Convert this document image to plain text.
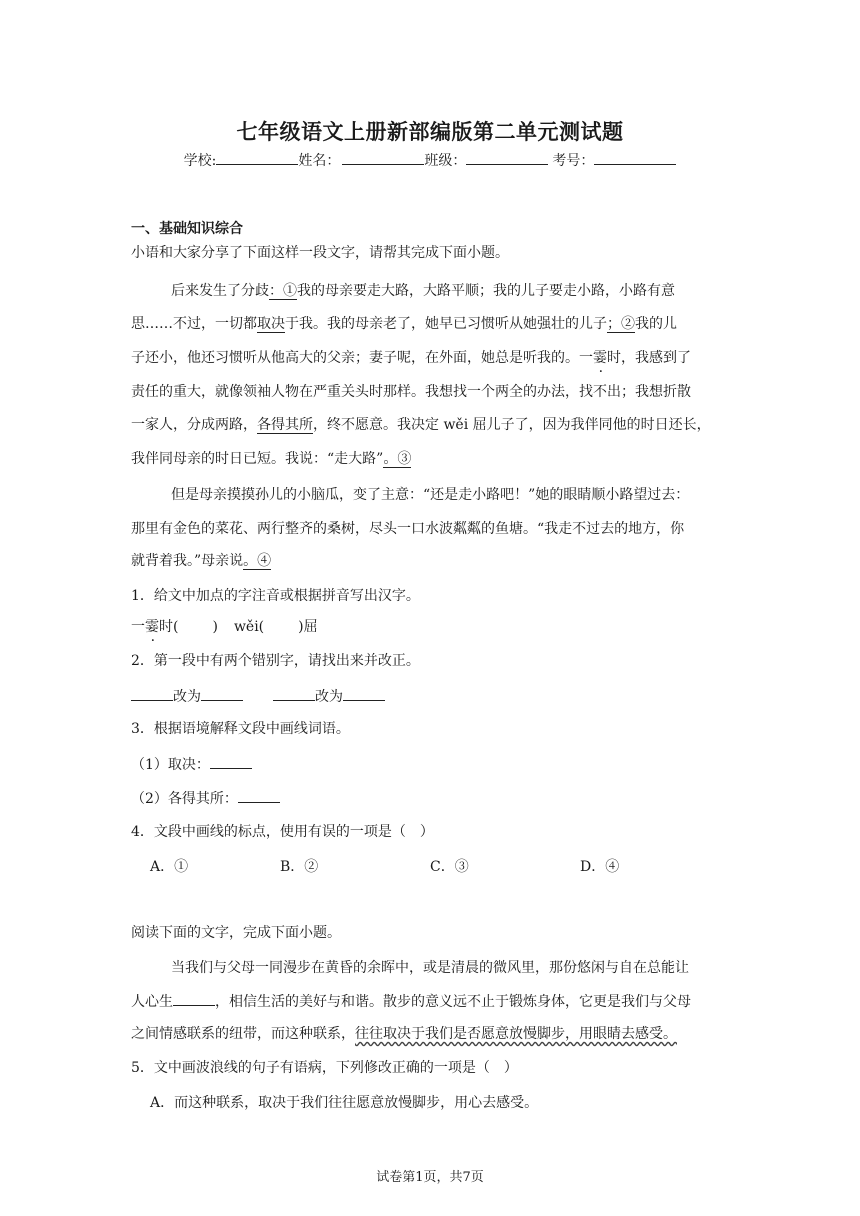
七年级语文上册新部编版第二单元测试题
学校:	姓名：	班级：	考号：
一、基础知识综合
小语和大家分享了下面这样一段文字，请帮其完成下面小题。
后来发生了分歧：①我的母亲要走大路，大路平顺；我的儿子要走小路，小路有意
思……不过，一切都取决于我。我的母亲老了，她早已习惯听从她强壮的儿子；②我的儿
子还小，他还习惯听从他高大的父亲；妻子呢，在外面，她总是听我的。一霎时，我感到了
责任的重大，就像领袖人物在严重关头时那样。我想找一个两全的办法，找不出；我想折散
一家人，分成两路，各得其所，终不愿意。我决定 wěi 屈儿子了，因为我伴同他的时日还长，
我伴同母亲的时日已短。我说：“走大路”。③
但是母亲摸摸孙儿的小脑瓜，变了主意：“还是走小路吧！”她的眼睛顺小路望过去：
那里有金色的菜花、两行整齐的桑树，尽头一口水波粼粼的鱼塘。“我走不过去的地方，你
就背着我。”母亲说。④
1．给文中加点的字注音或根据拼音写出汉字。
一霎时( ) wěi( )屈
2．第一段中有两个错别字，请找出来并改正。
改为	改为
3．根据语境解释文段中画线词语。
（1）取决：
（2）各得其所：
4．文段中画线的标点，使用有误的一项是（　）
A．①	B．②	C．③	D．④
阅读下面的文字，完成下面小题。
当我们与父母一同漫步在黄昏的余晖中，或是清晨的微风里，那份悠闲与自在总能让
人心生	，相信生活的美好与和谐。散步的意义远不止于锻炼身体，它更是我们与父母
之间情感联系的纽带，而这种联系，往往取决于我们是否愿意放慢脚步，用眼睛去感受。
5．文中画波浪线的句子有语病，下列修改正确的一项是（　）
A．而这种联系，取决于我们往往愿意放慢脚步，用心去感受。
试卷第1页，共7页
